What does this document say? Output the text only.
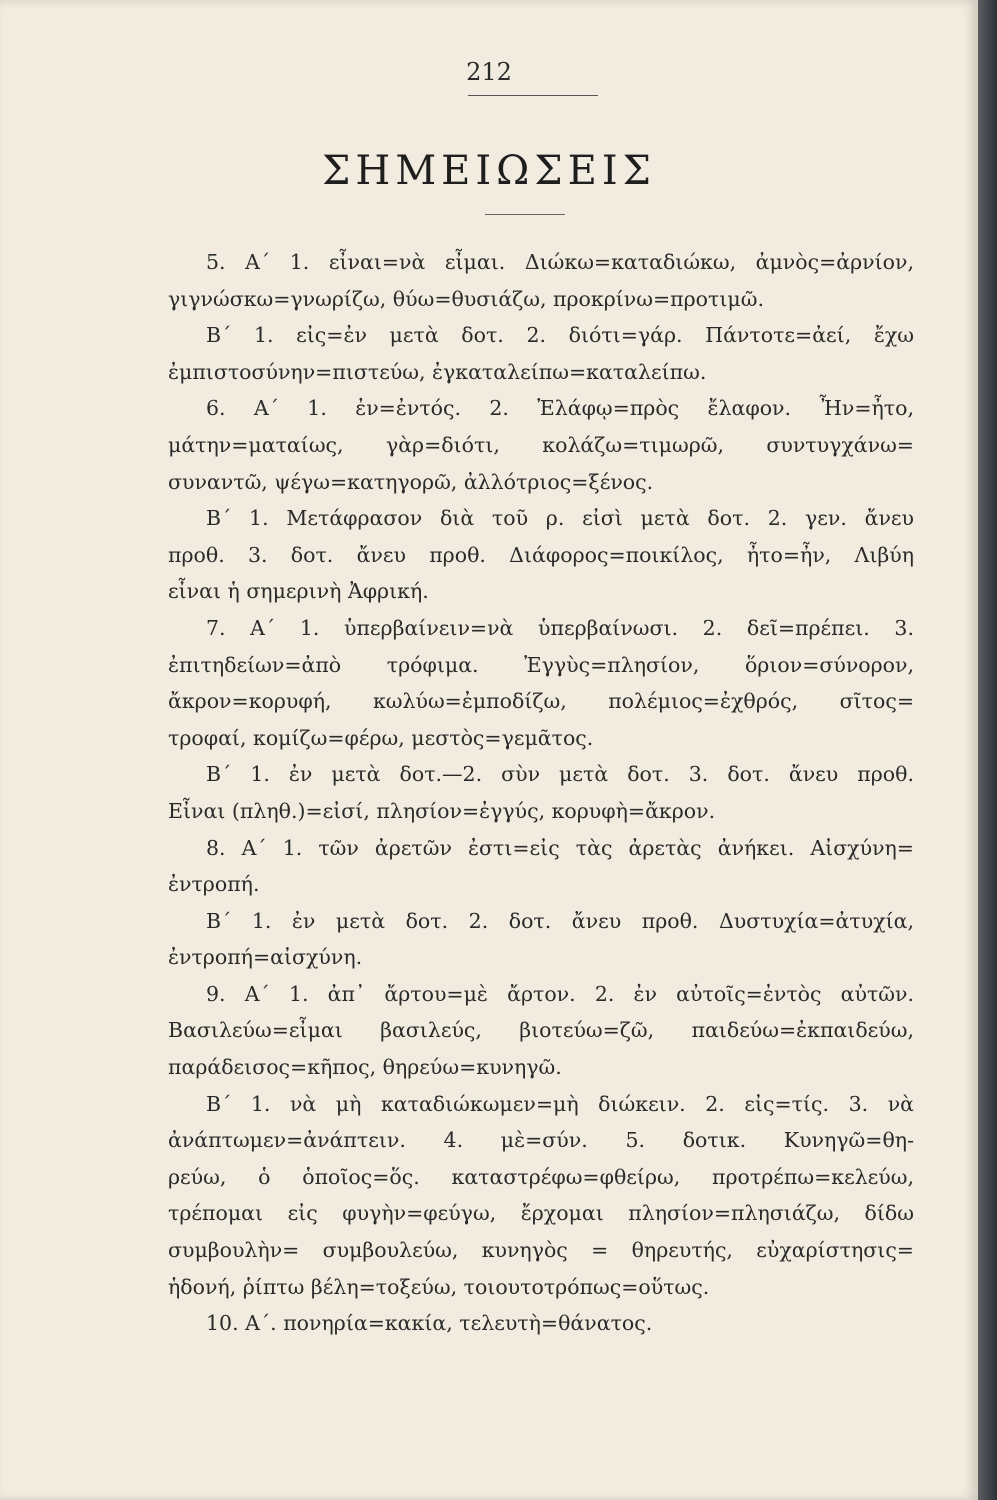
212
ΣΗΜΕΙΩΣΕΙΣ
5. Α΄ 1. εἶναι=νὰ εἶμαι. Διώκω=καταδιώκω, ἀμνὸς=ἀρνίον,
γιγνώσκω=γνωρίζω, θύω=θυσιάζω, προκρίνω=προτιμῶ.
Β΄ 1. εἰς=ἐν μετὰ δοτ. 2. διότι=γάρ. Πάντοτε=ἀεί, ἔχω
ἐμπιστοσύνην=πιστεύω, ἐγκαταλείπω=καταλείπω.
6. Α΄ 1. ἐν=ἐντός. 2. Ἐλάφῳ=πρὸς ἔλαφον. Ἦν=ἦτο,
μάτην=ματαίως, γὰρ=διότι, κολάζω=τιμωρῶ, συντυγχάνω=
συναντῶ, ψέγω=κατηγορῶ, ἀλλότριος=ξένος.
Β΄ 1. Μετάφρασον διὰ τοῦ ρ. εἰσὶ μετὰ δοτ. 2. γεν. ἄνευ
προθ. 3. δοτ. ἄνευ προθ. Διάφορος=ποικίλος, ἦτο=ἦν, Λιβύη
εἶναι ἡ σημερινὴ Ἀφρική.
7. Α΄ 1. ὑπερβαίνειν=νὰ ὑπερβαίνωσι. 2. δεῖ=πρέπει. 3.
ἐπιτηδείων=ἀπὸ τρόφιμα. Ἐγγὺς=πλησίον, ὅριον=σύνορον,
ἄκρον=κορυφή, κωλύω=ἐμποδίζω, πολέμιος=ἐχθρός, σῖτος=
τροφαί, κομίζω=φέρω, μεστὸς=γεμᾶτος.
Β΄ 1. ἐν μετὰ δοτ.—2. σὺν μετὰ δοτ. 3. δοτ. ἄνευ προθ.
Εἶναι (πληθ.)=εἰσί, πλησίον=ἐγγύς, κορυφὴ=ἄκρον.
8. Α΄ 1. τῶν ἀρετῶν ἐστι=εἰς τὰς ἀρετὰς ἀνήκει. Αἰσχύνη=
ἐντροπή.
Β΄ 1. ἐν μετὰ δοτ. 2. δοτ. ἄνευ προθ. Δυστυχία=ἀτυχία,
ἐντροπή=αἰσχύνη.
9. Α΄ 1. ἀπ᾽ ἄρτου=μὲ ἄρτον. 2. ἐν αὐτοῖς=ἐντὸς αὐτῶν.
Βασιλεύω=εἶμαι βασιλεύς, βιοτεύω=ζῶ, παιδεύω=ἐκπαιδεύω,
παράδεισος=κῆπος, θηρεύω=κυνηγῶ.
Β΄ 1. νὰ μὴ καταδιώκωμεν=μὴ διώκειν. 2. εἰς=τίς. 3. νὰ
ἀνάπτωμεν=ἀνάπτειν. 4. μὲ=σύν. 5. δοτικ. Κυνηγῶ=θη-
ρεύω, ὁ ὁποῖος=ὅς. καταστρέφω=φθείρω, προτρέπω=κελεύω,
τρέπομαι εἰς φυγὴν=φεύγω, ἔρχομαι πλησίον=πλησιάζω, δίδω
συμβουλὴν= συμβουλεύω, κυνηγὸς = θηρευτής, εὐχαρίστησις=
ἡδονή, ῥίπτω βέλη=τοξεύω, τοιουτοτρόπως=οὕτως.
10. Α΄. πονηρία=κακία, τελευτὴ=θάνατος.
